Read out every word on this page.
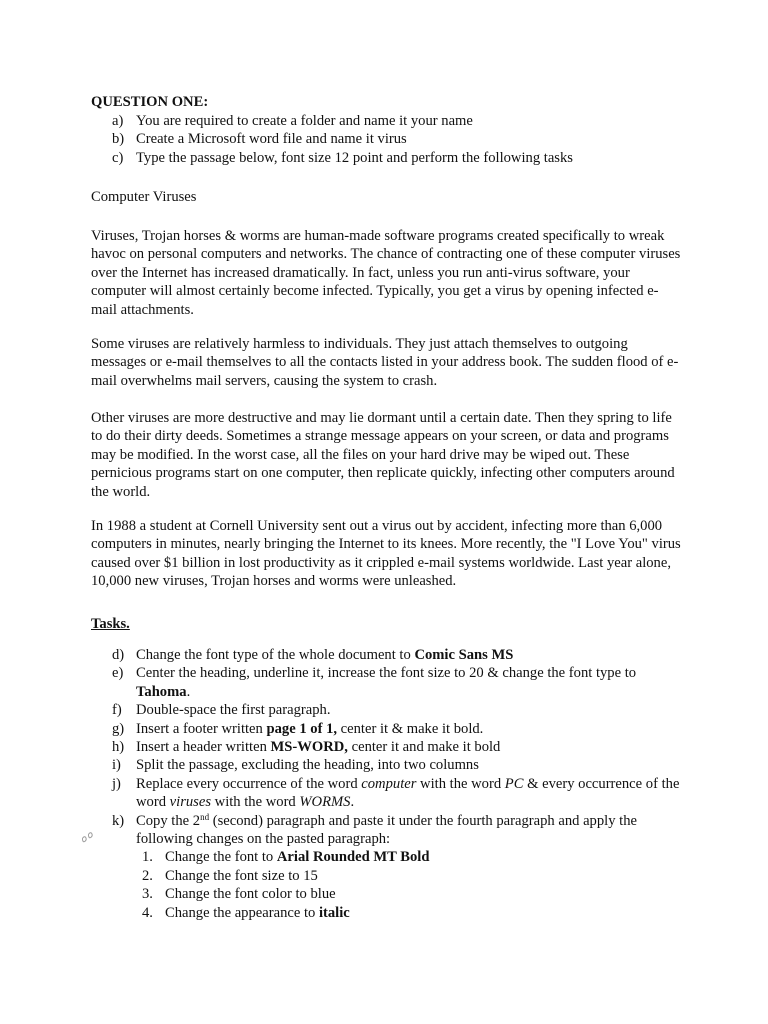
QUESTION ONE:
a) You are required to create a folder and name it your name
b) Create a Microsoft word file and name it virus
c) Type the passage below, font size 12 point and perform the following tasks
Computer Viruses

Viruses, Trojan horses & worms are human-made software programs created specifically to wreak havoc on personal computers and networks. The chance of contracting one of these computer viruses over the Internet has increased dramatically. In fact, unless you run anti-virus software, your computer will almost certainly become infected. Typically, you get a virus by opening infected e-mail attachments.

Some viruses are relatively harmless to individuals. They just attach themselves to outgoing messages or e-mail themselves to all the contacts listed in your address book. The sudden flood of e-mail overwhelms mail servers, causing the system to crash.

Other viruses are more destructive and may lie dormant until a certain date. Then they spring to life to do their dirty deeds. Sometimes a strange message appears on your screen, or data and programs may be modified. In the worst case, all the files on your hard drive may be wiped out. These pernicious programs start on one computer, then replicate quickly, infecting other computers around the world.

In 1988 a student at Cornell University sent out a virus out by accident, infecting more than 6,000 computers in minutes, nearly bringing the Internet to its knees. More recently, the "I Love You" virus caused over $1 billion in lost productivity as it crippled e-mail systems worldwide. Last year alone, 10,000 new viruses, Trojan horses and worms were unleashed.

Tasks.
d) Change the font type of the whole document to Comic Sans MS
e) Center the heading, underline it, increase the font size to 20 & change the font type to Tahoma.
f) Double-space the first paragraph.
g) Insert a footer written page 1 of 1, center it & make it bold.
h) Insert a header written MS-WORD, center it and make it bold
i)	Split the passage, excluding the heading, into two columns
j)	Replace every occurrence of the word computer with the word PC & every occurrence of the word viruses with the word WORMS.
k) Copy the 2nd (second) paragraph and paste it under the fourth paragraph and apply the following changes on the pasted paragraph:
1. Change the font to Arial Rounded MT Bold
2. Change the font size to 15
3. Change the font color to blue
4. Change the appearance to italic
